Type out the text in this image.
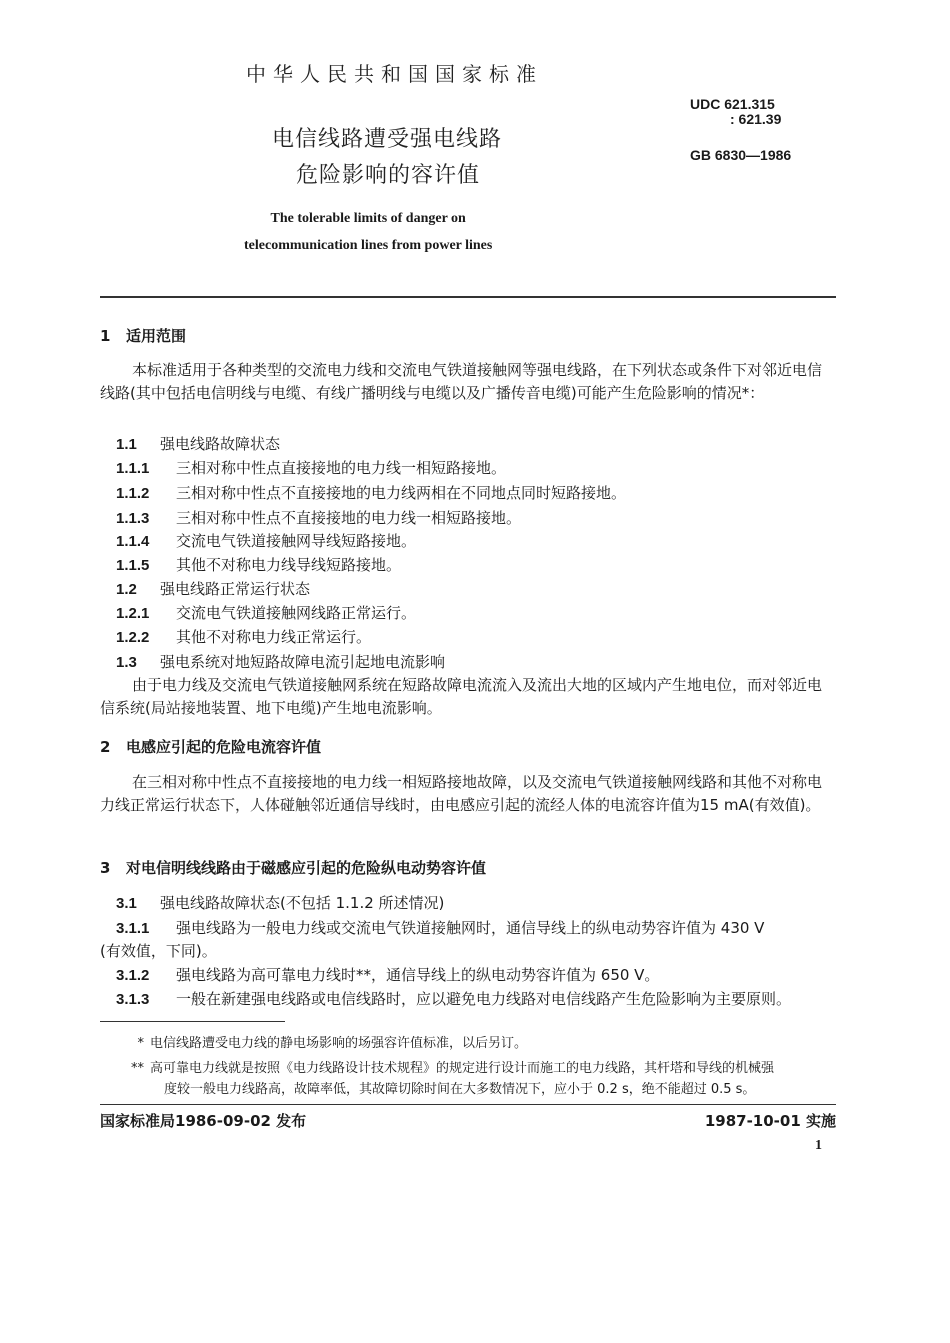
中华人民共和国国家标准
UDC 621.315
: 621.39
电信线路遭受强电线路
危险影响的容许值
GB 6830—1986
The tolerable limits of danger on
telecommunication lines from power lines
1 适用范围
本标准适用于各种类型的交流电力线和交流电气铁道接触网等强电线路，在下列状态或条件下对邻近电信线路(其中包括电信明线与电缆、有线广播明线与电缆以及广播传音电缆)可能产生危险影响的情况*：
1.1 强电线路故障状态
1.1.1 三相对称中性点直接接地的电力线一相短路接地。
1.1.2 三相对称中性点不直接接地的电力线两相在不同地点同时短路接地。
1.1.3 三相对称中性点不直接接地的电力线一相短路接地。
1.1.4 交流电气铁道接触网导线短路接地。
1.1.5 其他不对称电力线导线短路接地。
1.2 强电线路正常运行状态
1.2.1 交流电气铁道接触网线路正常运行。
1.2.2 其他不对称电力线正常运行。
1.3 强电系统对地短路故障电流引起地电流影响
由于电力线及交流电气铁道接触网系统在短路故障电流流入及流出大地的区域内产生地电位，而对邻近电信系统(局站接地装置、地下电缆)产生地电流影响。
2 电感应引起的危险电流容许值
在三相对称中性点不直接接地的电力线一相短路接地故障，以及交流电气铁道接触网线路和其他不对称电力线正常运行状态下，人体碰触邻近通信导线时，由电感应引起的流经人体的电流容许值为15 mA(有效值)。
3 对电信明线线路由于磁感应引起的危险纵电动势容许值
3.1 强电线路故障状态(不包括 1.1.2 所述情况)
3.1.1 强电线路为一般电力线或交流电气铁道接触网时，通信导线上的纵电动势容许值为 430 V
(有效值，下同)。
3.1.2 强电线路为高可靠电力线时**，通信导线上的纵电动势容许值为 650 V。
3.1.3 一般在新建强电线路或电信线路时，应以避免电力线路对电信线路产生危险影响为主要原则。
* 电信线路遭受电力线的静电场影响的场强容许值标准，以后另订。
** 高可靠电力线就是按照《电力线路设计技术规程》的规定进行设计而施工的电力线路，其杆塔和导线的机械强
度较一般电力线路高，故障率低，其故障切除时间在大多数情况下，应小于 0.2 s，绝不能超过 0.5 s。
国家标准局1986-09-02 发布	1987-10-01 实施
1
